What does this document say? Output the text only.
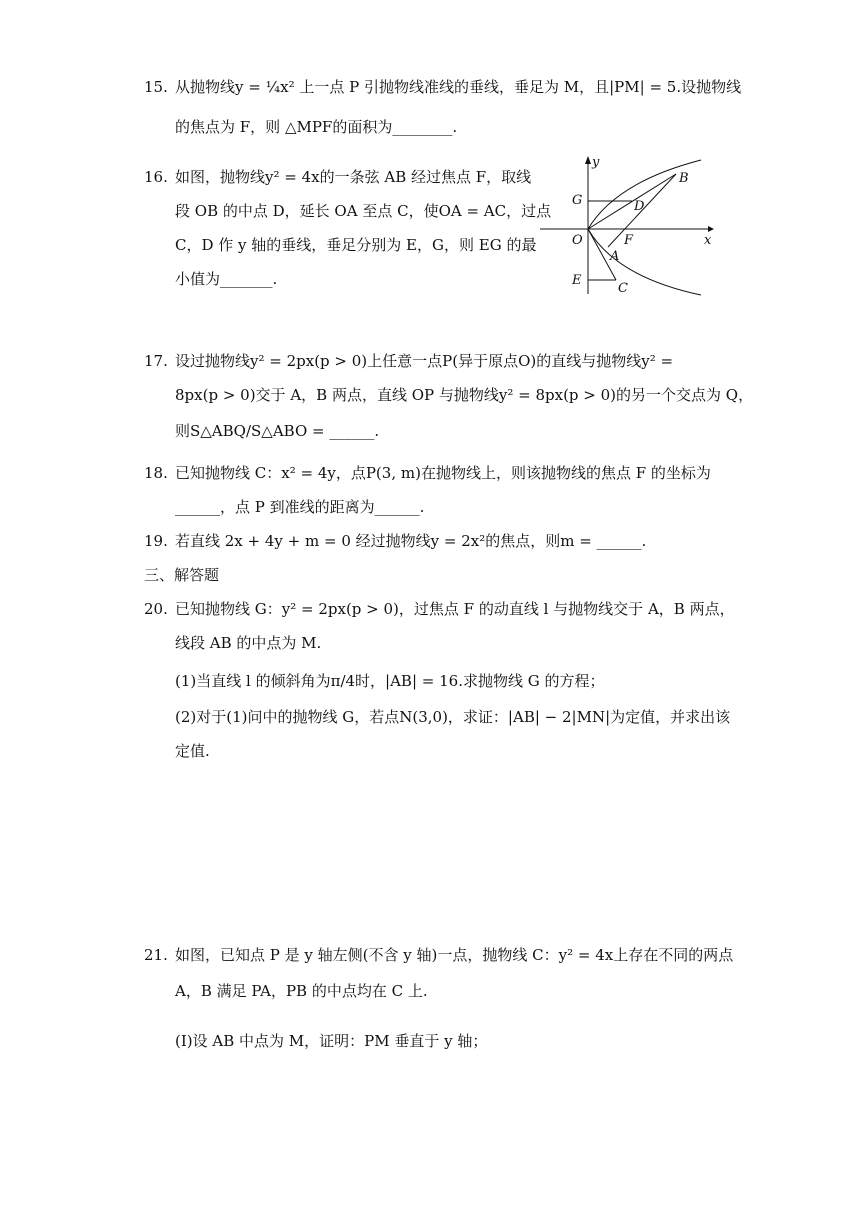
15. 从抛物线y = ¼x² 上一点 P 引抛物线准线的垂线，垂足为 M，且|PM| = 5.设抛物线
的焦点为 F，则 △MPF的面积为________.
16. 如图，抛物线y² = 4x的一条弦 AB 经过焦点 F，取线
段 OB 的中点 D，延长 OA 至点 C，使OA = AC，过点
C，D 作 y 轴的垂线，垂足分别为 E，G，则 EG 的最
小值为_______.
y
x
O
G
E
B
D
F
A
C
17. 设过抛物线y² = 2px(p > 0)上任意一点P(异于原点O)的直线与抛物线y² =
8px(p > 0)交于 A，B 两点，直线 OP 与抛物线y² = 8px(p > 0)的另一个交点为 Q，
则S△ABQ/S△ABO = ______.
18. 已知抛物线 C：x² = 4y，点P(3, m)在抛物线上，则该抛物线的焦点 F 的坐标为
______，点 P 到准线的距离为______.
19. 若直线 2x + 4y + m = 0 经过抛物线y = 2x²的焦点，则m = ______.
三、解答题
20. 已知抛物线 G：y² = 2px(p > 0)，过焦点 F 的动直线 l 与抛物线交于 A，B 两点，
线段 AB 的中点为 M.
(1)当直线 l 的倾斜角为π/4时，|AB| = 16.求抛物线 G 的方程；
(2)对于(1)问中的抛物线 G，若点N(3,0)，求证：|AB| − 2|MN|为定值，并求出该
定值.
21. 如图，已知点 P 是 y 轴左侧(不含 y 轴)一点，抛物线 C：y² = 4x上存在不同的两点
A，B 满足 PA，PB 的中点均在 C 上.
(Ⅰ)设 AB 中点为 M，证明：PM 垂直于 y 轴；
